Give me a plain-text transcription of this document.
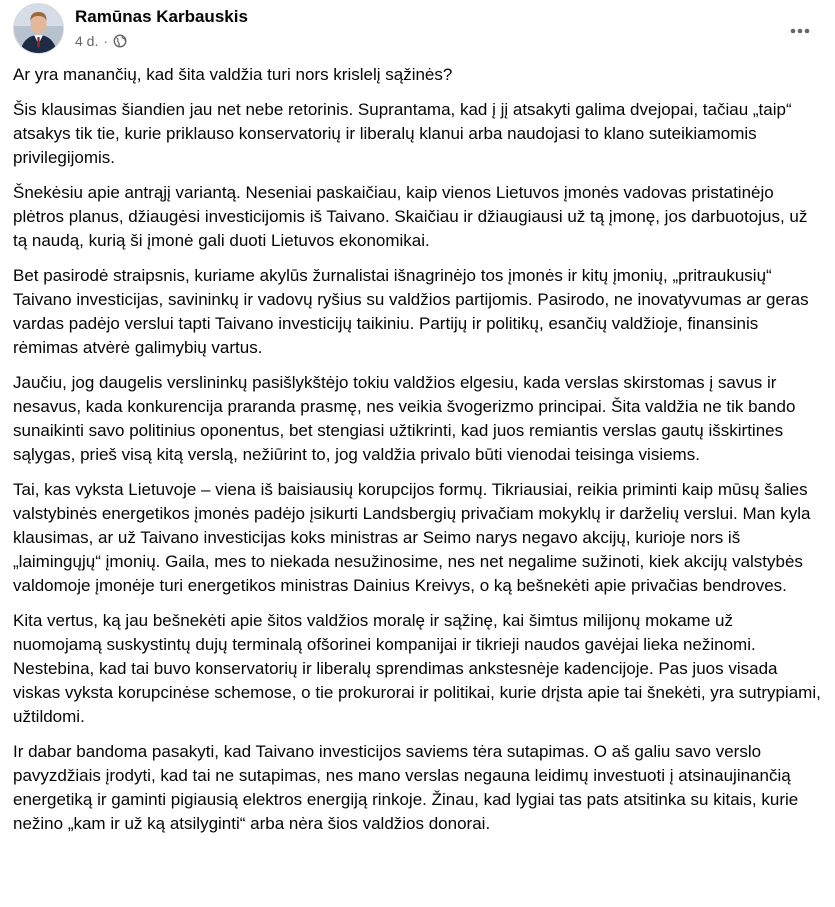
Ramūnas Karbauskis
4 d. ·

Ar yra manančių, kad šita valdžia turi nors krislelį sąžinės?

Šis klausimas šiandien jau net nebe retorinis. Suprantama, kad į jį atsakyti galima dvejopai, tačiau „taip“ atsakys tik tie, kurie priklauso konservatorių ir liberalų klanui arba naudojasi to klano suteikiamomis privilegijomis.

Šnekėsiu apie antrąjį variantą. Neseniai paskaičiau, kaip vienos Lietuvos įmonės vadovas pristatinėjo plėtros planus, džiaugėsi investicijomis iš Taivano. Skaičiau ir džiaugiausi už tą įmonę, jos darbuotojus, už tą naudą, kurią ši įmonė gali duoti Lietuvos ekonomikai.

Bet pasirodė straipsnis, kuriame akylūs žurnalistai išnagrinėjo tos įmonės ir kitų įmonių, „pritraukusių“ Taivano investicijas, savininkų ir vadovų ryšius su valdžios partijomis. Pasirodo, ne inovatyvumas ar geras vardas padėjo verslui tapti Taivano investicijų taikiniu. Partijų ir politikų, esančių valdžioje, finansinis rėmimas atvėrė galimybių vartus.

Jaučiu, jog daugelis verslininkų pasišlykštėjo tokiu valdžios elgesiu, kada verslas skirstomas į savus ir nesavus, kada konkurencija praranda prasmę, nes veikia švogerizmo principai. Šita valdžia ne tik bando sunaikinti savo politinius oponentus, bet stengiasi užtikrinti, kad juos remiantis verslas gautų išskirtines sąlygas, prieš visą kitą verslą, nežiūrint to, jog valdžia privalo būti vienodai teisinga visiems.

Tai, kas vyksta Lietuvoje – viena iš baisiausių korupcijos formų. Tikriausiai, reikia priminti kaip mūsų šalies valstybinės energetikos įmonės padėjo įsikurti Landsbergių privačiam mokyklų ir darželių verslui. Man kyla klausimas, ar už Taivano investicijas koks ministras ar Seimo narys negavo akcijų, kurioje nors iš „laimingųjų“ įmonių. Gaila, mes to niekada nesužinosime, nes net negalime sužinoti, kiek akcijų valstybės valdomoje įmonėje turi energetikos ministras Dainius Kreivys, o ką bešnekėti apie privačias bendroves.

Kita vertus, ką jau bešnekėti apie šitos valdžios moralę ir sąžinę, kai šimtus milijonų mokame už nuomojamą suskystintų dujų terminalą ofšorinei kompanijai ir tikrieji naudos gavėjai lieka nežinomi. Nestebina, kad tai buvo konservatorių ir liberalų sprendimas ankstesnėje kadencijoje. Pas juos visada viskas vyksta korupcinėse schemose, o tie prokurorai ir politikai, kurie drįsta apie tai šnekėti, yra sutrypiami, užtildomi.

Ir dabar bandoma pasakyti, kad Taivano investicijos saviems tėra sutapimas. O aš galiu savo verslo pavyzdžiais įrodyti, kad tai ne sutapimas, nes mano verslas negauna leidimų investuoti į atsinaujinančią energetiką ir gaminti pigiausią elektros energiją rinkoje. Žinau, kad lygiai tas pats atsitinka su kitais, kurie nežino „kam ir už ką atsilyginti“ arba nėra šios valdžios donorai.
